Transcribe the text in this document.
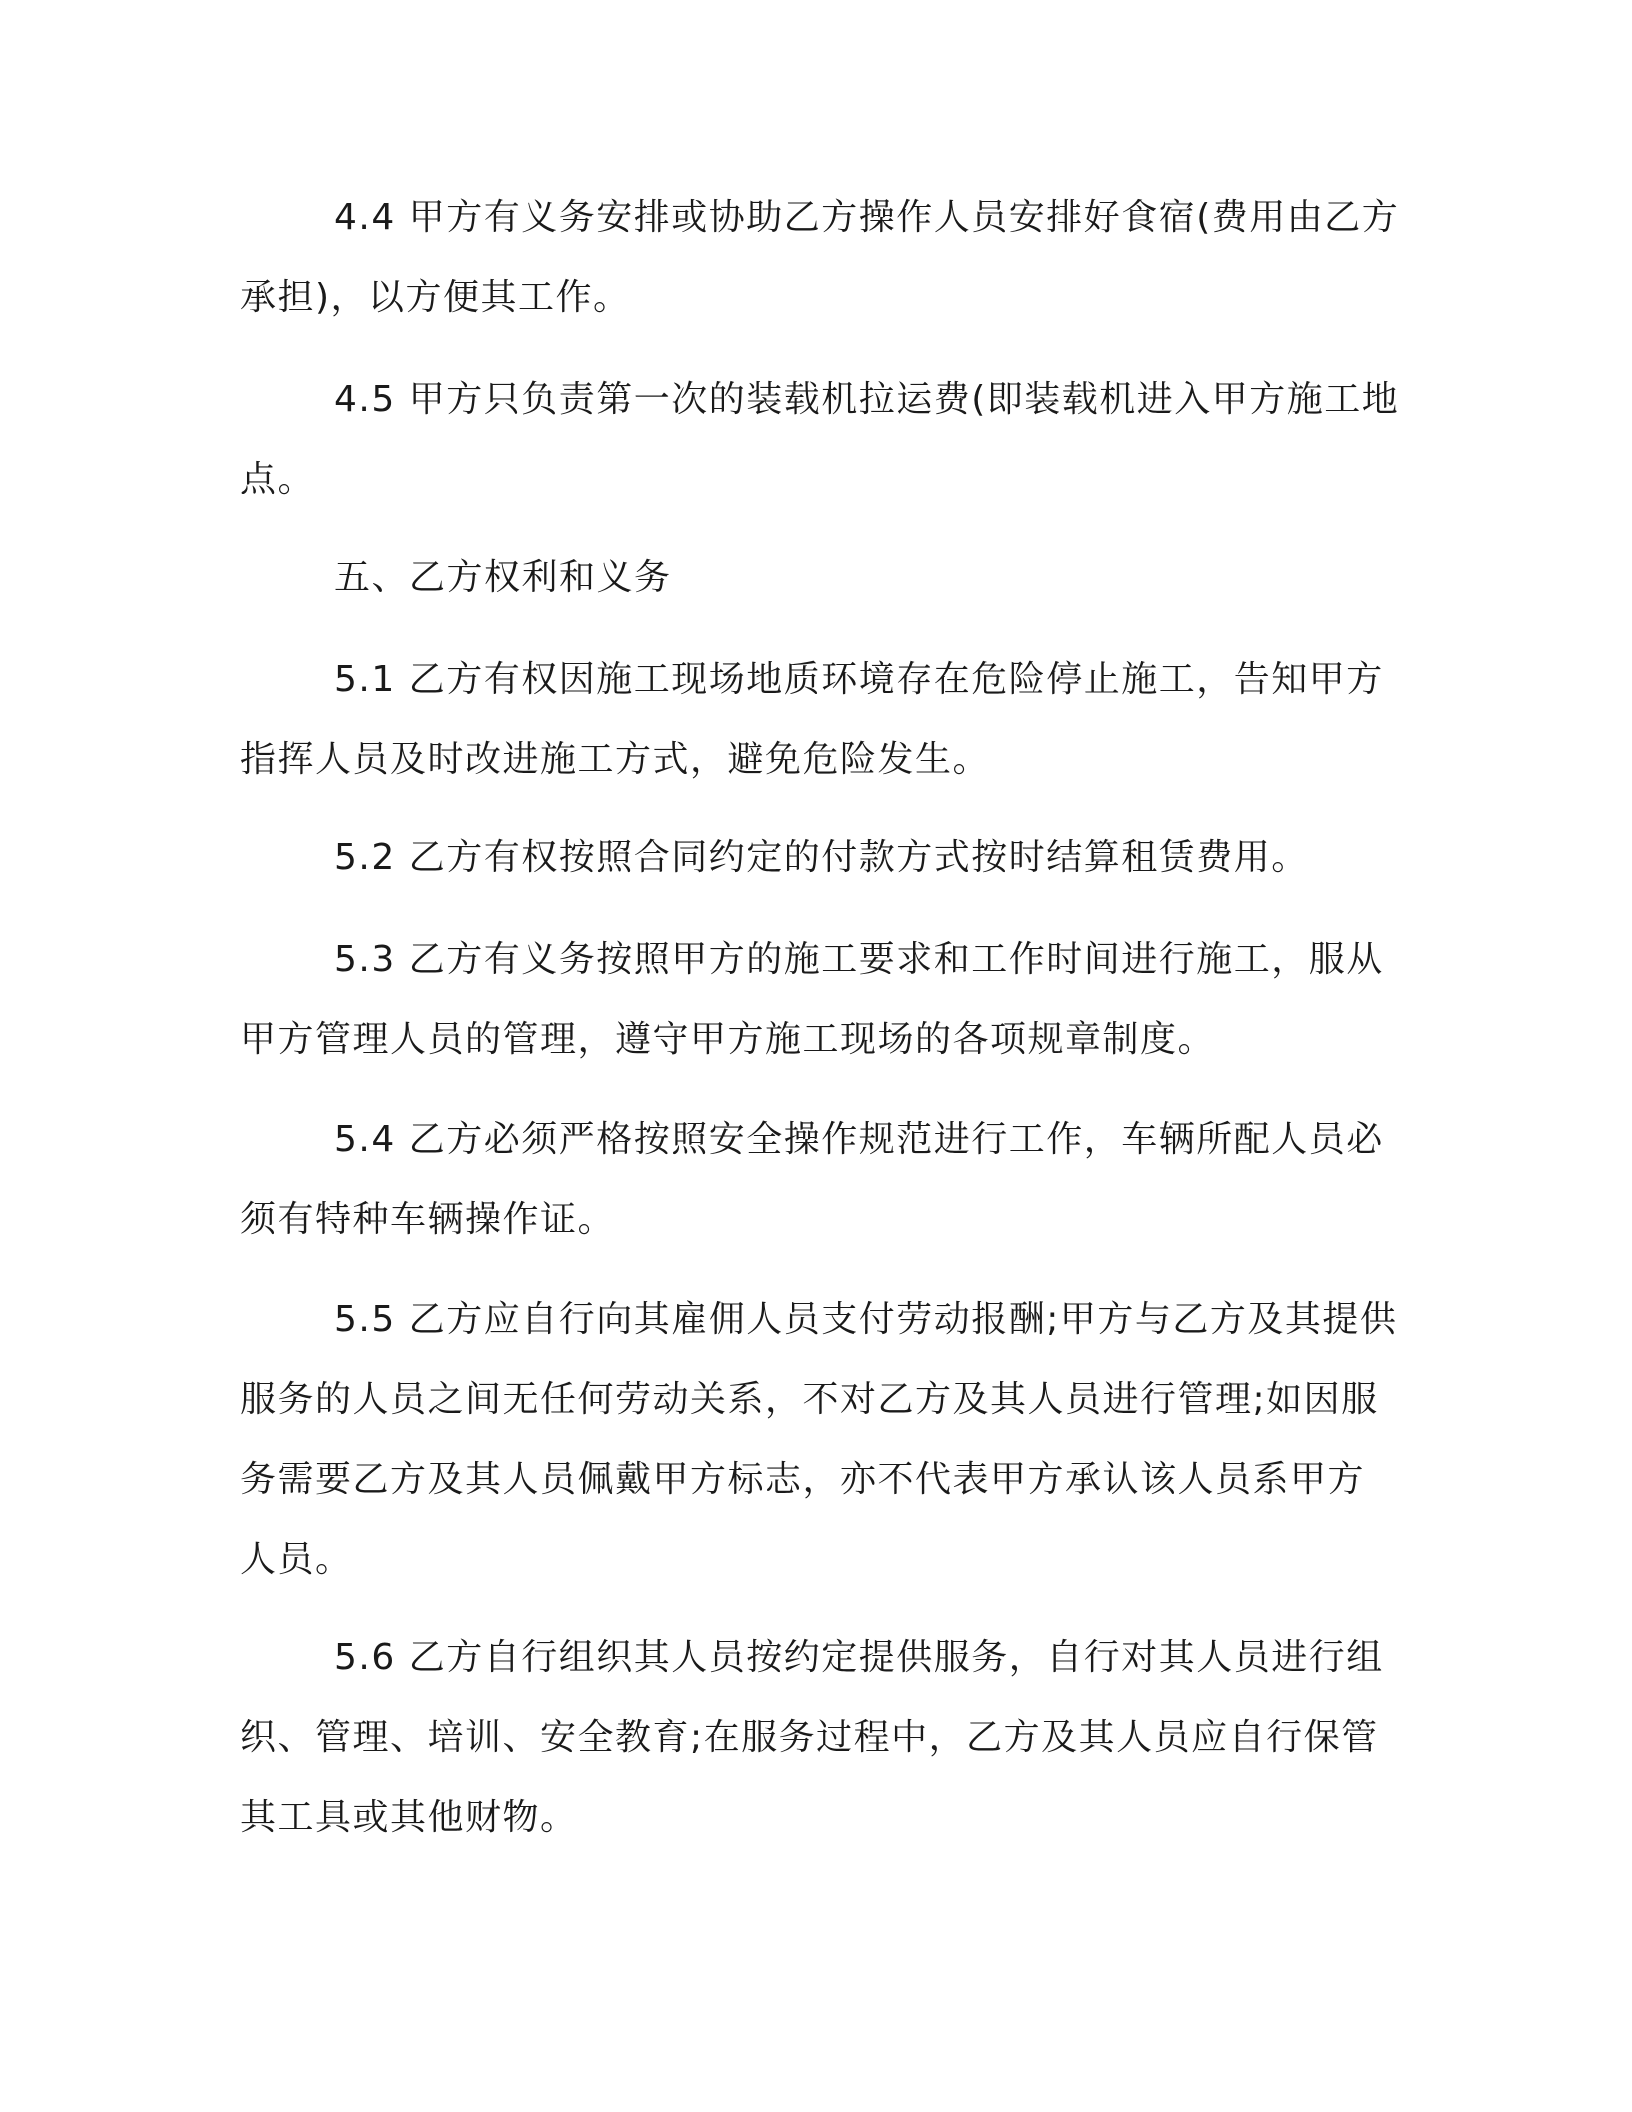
4.4 甲方有义务安排或协助乙方操作人员安排好食宿(费用由乙方
承担)，以方便其工作。
4.5 甲方只负责第一次的装载机拉运费(即装载机进入甲方施工地
点。
五、乙方权利和义务
5.1 乙方有权因施工现场地质环境存在危险停止施工，告知甲方
指挥人员及时改进施工方式，避免危险发生。
5.2 乙方有权按照合同约定的付款方式按时结算租赁费用。
5.3 乙方有义务按照甲方的施工要求和工作时间进行施工，服从
甲方管理人员的管理，遵守甲方施工现场的各项规章制度。
5.4 乙方必须严格按照安全操作规范进行工作，车辆所配人员必
须有特种车辆操作证。
5.5 乙方应自行向其雇佣人员支付劳动报酬;甲方与乙方及其提供
服务的人员之间无任何劳动关系，不对乙方及其人员进行管理;如因服
务需要乙方及其人员佩戴甲方标志，亦不代表甲方承认该人员系甲方
人员。
5.6 乙方自行组织其人员按约定提供服务，自行对其人员进行组
织、管理、培训、安全教育;在服务过程中，乙方及其人员应自行保管
其工具或其他财物。
